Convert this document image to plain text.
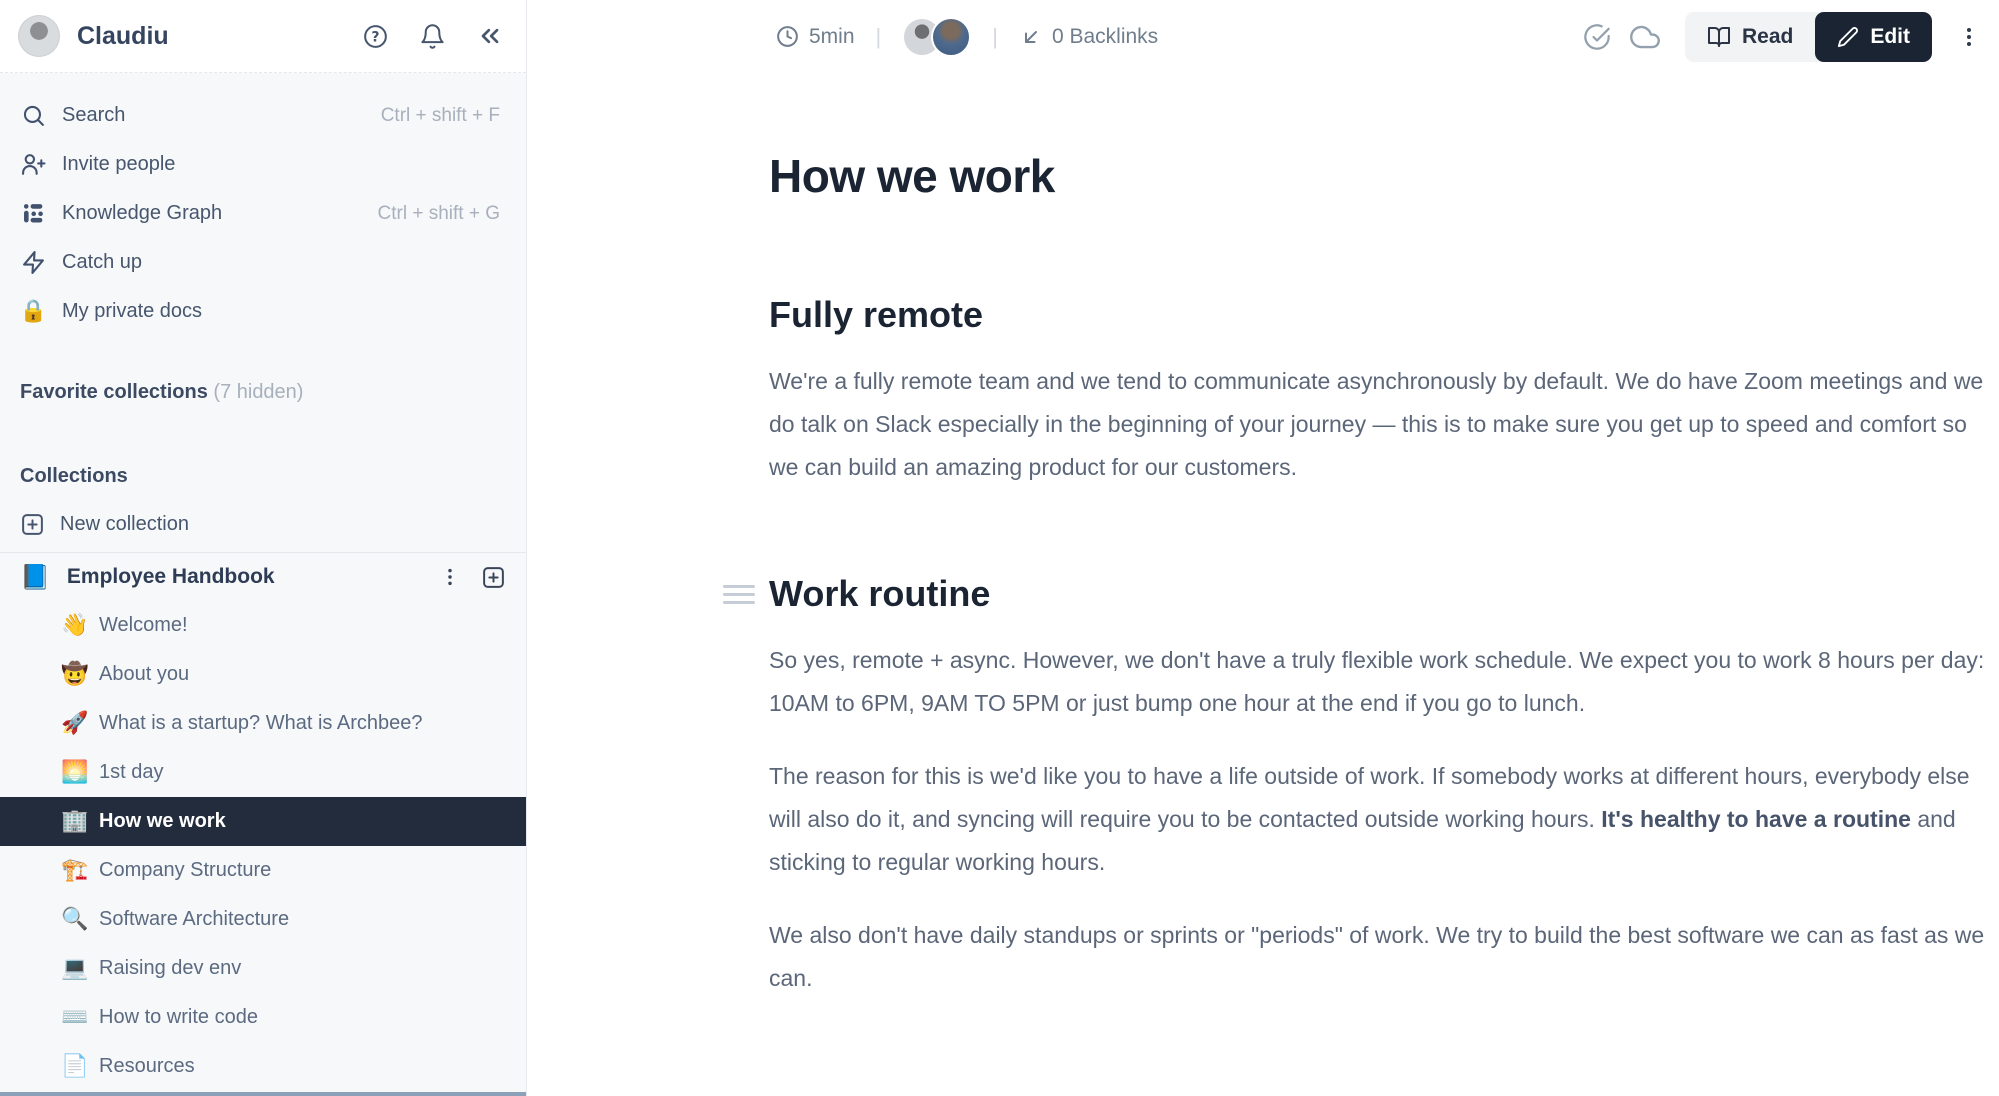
Claudiu	?
Search	Ctrl + shift + F
Invite people
Knowledge Graph	Ctrl + shift + G
Catch up
🔒 My private docs
Favorite collections (7 hidden)
Collections
New collection
📘 Employee Handbook
👋 Welcome!
🤠 About you
🚀 What is a startup? What is Archbee?
🌅 1st day
🏢 How we work
🏗️ Company Structure
🔍 Software Architecture
💻 Raising dev env
⌨️ How to write code
📄 Resources
5min |	|	0 Backlinks	Read	Edit
How we work
Fully remote

We're a fully remote team and we tend to communicate asynchronously by default. We do have Zoom meetings and we do talk on Slack especially in the beginning of your journey — this is to make sure you get up to speed and comfort so we can build an amazing product for our customers.

Work routine

So yes, remote + async. However, we don't have a truly flexible work schedule. We expect you to work 8 hours per day: 10AM to 6PM, 9AM TO 5PM or just bump one hour at the end if you go to lunch.

The reason for this is we'd like you to have a life outside of work. If somebody works at different hours, everybody else will also do it, and syncing will require you to be contacted outside working hours. It's healthy to have a routine and sticking to regular working hours.

We also don't have daily standups or sprints or "periods" of work. We try to build the best software we can as fast as we can.
